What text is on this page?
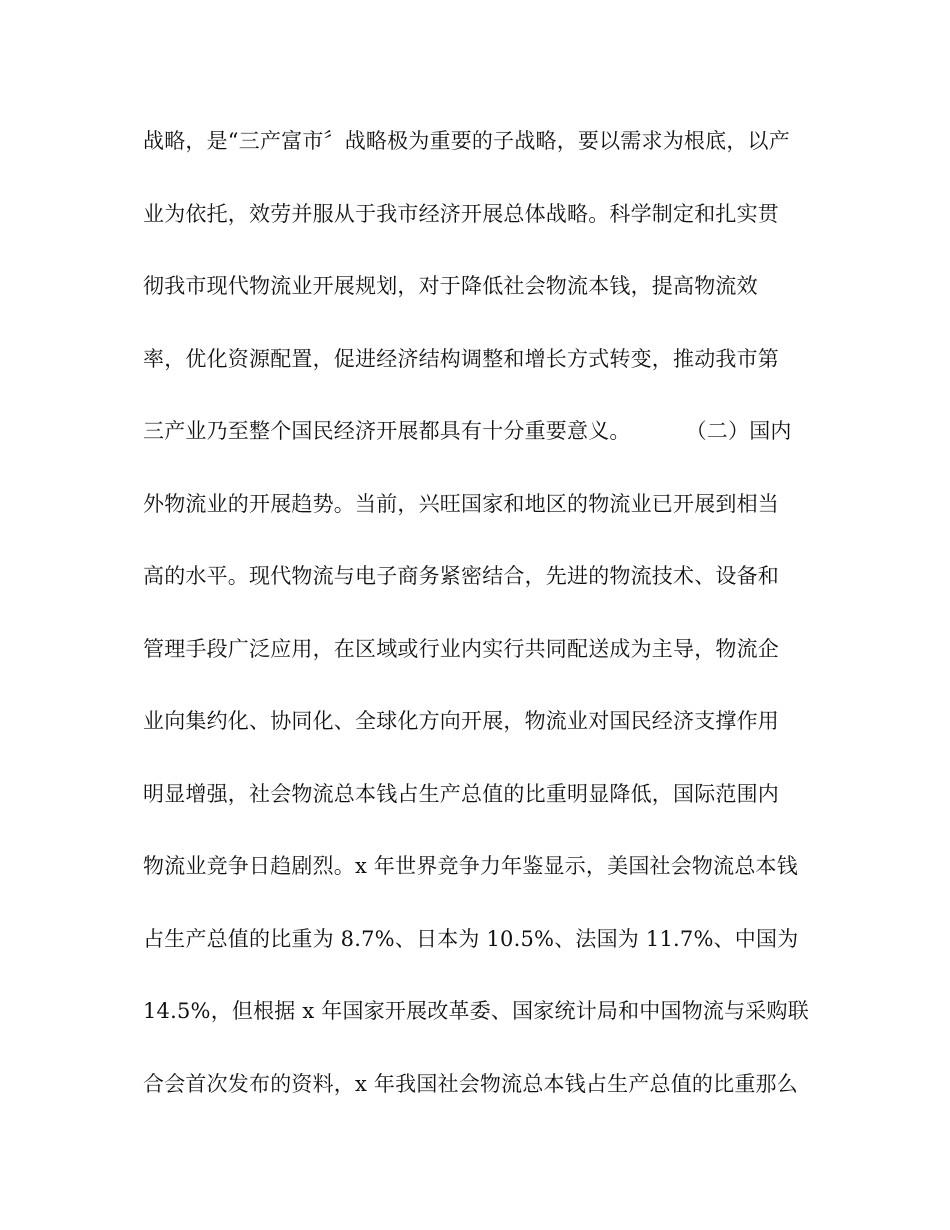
战略，是“三产富市〞战略极为重要的子战略，要以需求为根底，以产
业为依托，效劳并服从于我市经济开展总体战略。科学制定和扎实贯
彻我市现代物流业开展规划，对于降低社会物流本钱，提高物流效
率，优化资源配置，促进经济结构调整和增长方式转变，推动我市第
三产业乃至整个国民经济开展都具有十分重要意义。        （二）国内
外物流业的开展趋势。当前，兴旺国家和地区的物流业已开展到相当
高的水平。现代物流与电子商务紧密结合，先进的物流技术、设备和
管理手段广泛应用，在区域或行业内实行共同配送成为主导，物流企
业向集约化、协同化、全球化方向开展，物流业对国民经济支撑作用
明显增强，社会物流总本钱占生产总值的比重明显降低，国际范围内
物流业竞争日趋剧烈。x 年世界竞争力年鉴显示，美国社会物流总本钱
占生产总值的比重为 8.7%、日本为 10.5%、法国为 11.7%、中国为
14.5%，但根据 x 年国家开展改革委、国家统计局和中国物流与采购联
合会首次发布的资料，x 年我国社会物流总本钱占生产总值的比重那么
